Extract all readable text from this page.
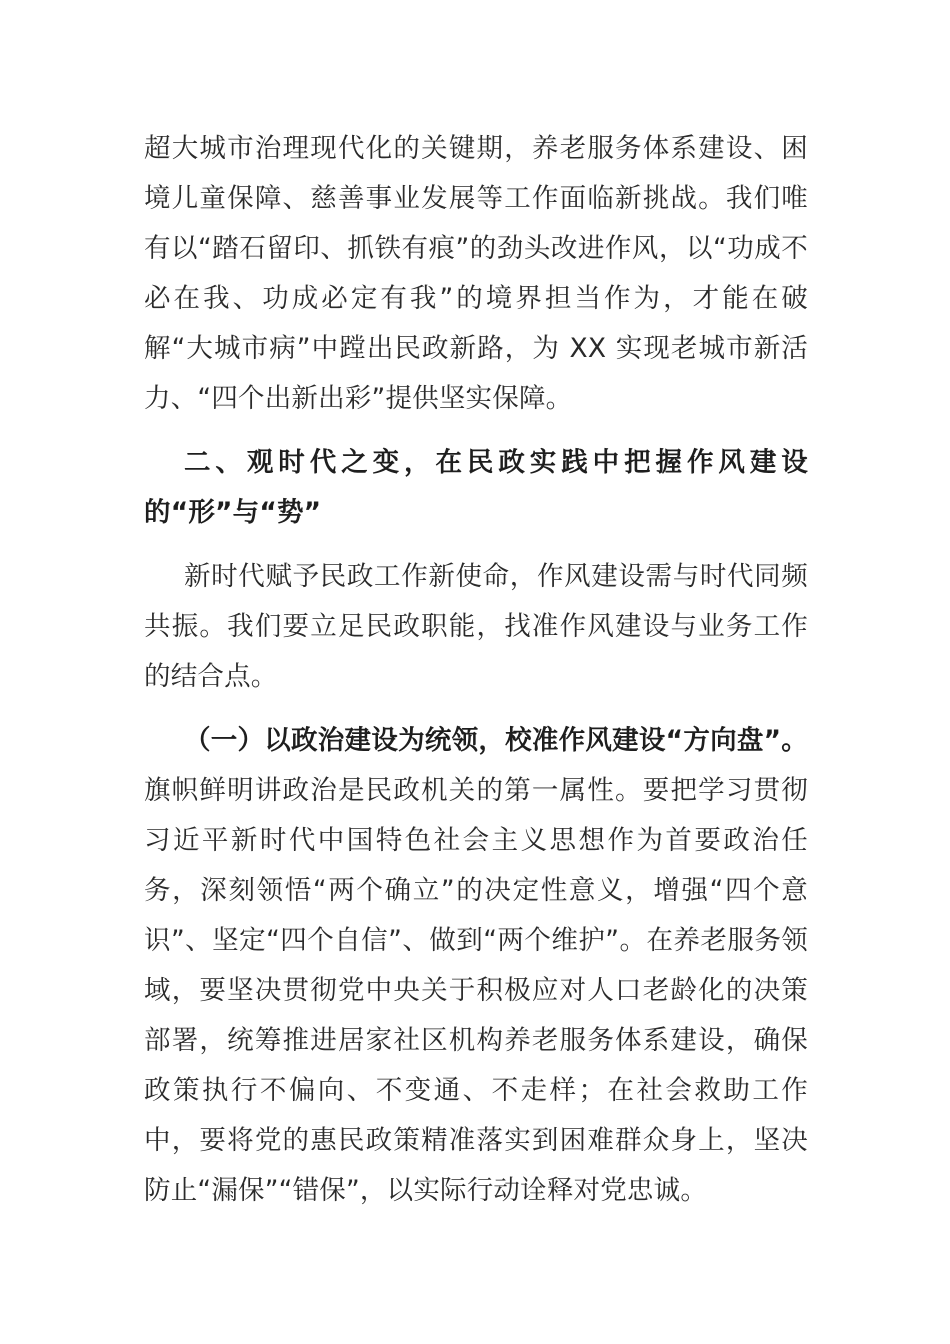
超大城市治理现代化的关键期，养老服务体系建设、困境儿童保障、慈善事业发展等工作面临新挑战。我们唯有以“踏石留印、抓铁有痕”的劲头改进作风，以“功成不必在我、功成必定有我”的境界担当作为，才能在破解“大城市病”中蹚出民政新路，为 XX 实现老城市新活力、“四个出新出彩”提供坚实保障。

二、观时代之变，在民政实践中把握作风建设的“形”与“势”

新时代赋予民政工作新使命，作风建设需与时代同频共振。我们要立足民政职能，找准作风建设与业务工作的结合点。

（一）以政治建设为统领，校准作风建设“方向盘”。旗帜鲜明讲政治是民政机关的第一属性。要把学习贯彻习近平新时代中国特色社会主义思想作为首要政治任务，深刻领悟“两个确立”的决定性意义，增强“四个意识”、坚定“四个自信”、做到“两个维护”。在养老服务领域，要坚决贯彻党中央关于积极应对人口老龄化的决策部署，统筹推进居家社区机构养老服务体系建设，确保政策执行不偏向、不变通、不走样；在社会救助工作中，要将党的惠民政策精准落实到困难群众身上，坚决防止“漏保”“错保”，以实际行动诠释对党忠诚。
